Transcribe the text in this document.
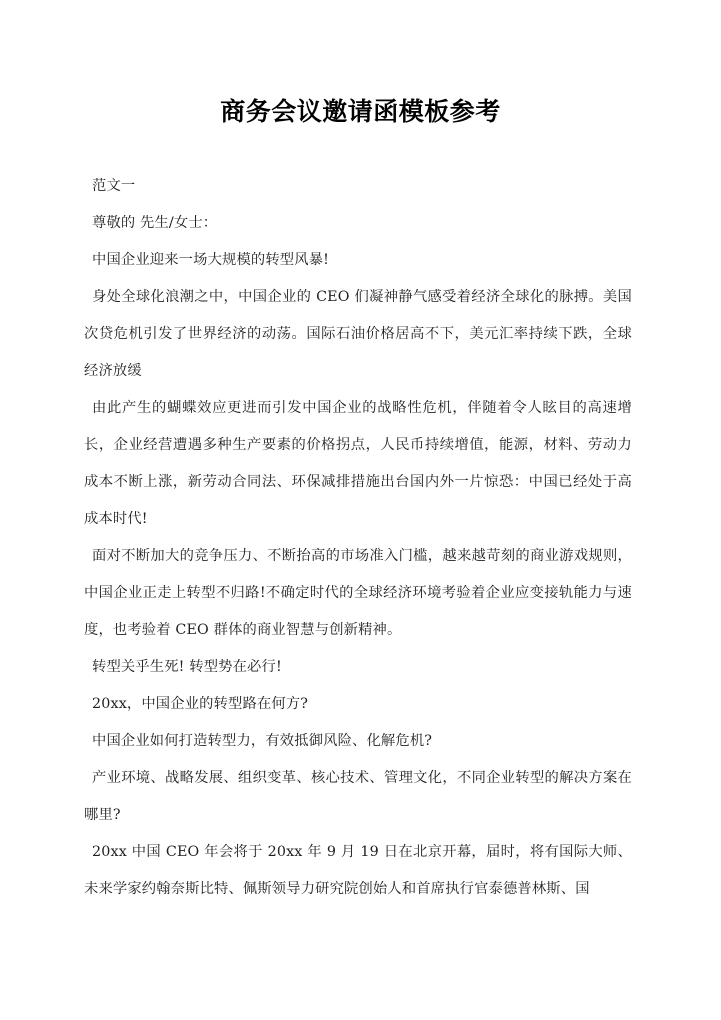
商务会议邀请函模板参考

范文一

尊敬的 先生/女士：

中国企业迎来一场大规模的转型风暴!

身处全球化浪潮之中，中国企业的 CEO 们凝神静气感受着经济全球化的脉搏。美国次贷危机引发了世界经济的动荡。国际石油价格居高不下，美元汇率持续下跌，全球经济放缓

由此产生的蝴蝶效应更进而引发中国企业的战略性危机，伴随着令人眩目的高速增长，企业经营遭遇多种生产要素的价格拐点，人民币持续增值，能源，材料、劳动力成本不断上涨，新劳动合同法、环保减排措施出台国内外一片惊恐：中国已经处于高成本时代!

面对不断加大的竞争压力、不断抬高的市场准入门槛，越来越苛刻的商业游戏规则，中国企业正走上转型不归路!不确定时代的全球经济环境考验着企业应变接轨能力与速度，也考验着 CEO 群体的商业智慧与创新精神。

转型关乎生死! 转型势在必行!

20xx，中国企业的转型路在何方?

中国企业如何打造转型力，有效抵御风险、化解危机?

产业环境、战略发展、组织变革、核心技术、管理文化，不同企业转型的解决方案在哪里?

20xx 中国 CEO 年会将于 20xx 年 9 月 19 日在北京开幕，届时，将有国际大师、未来学家约翰奈斯比特、佩斯领导力研究院创始人和首席执行官泰德普林斯、国
